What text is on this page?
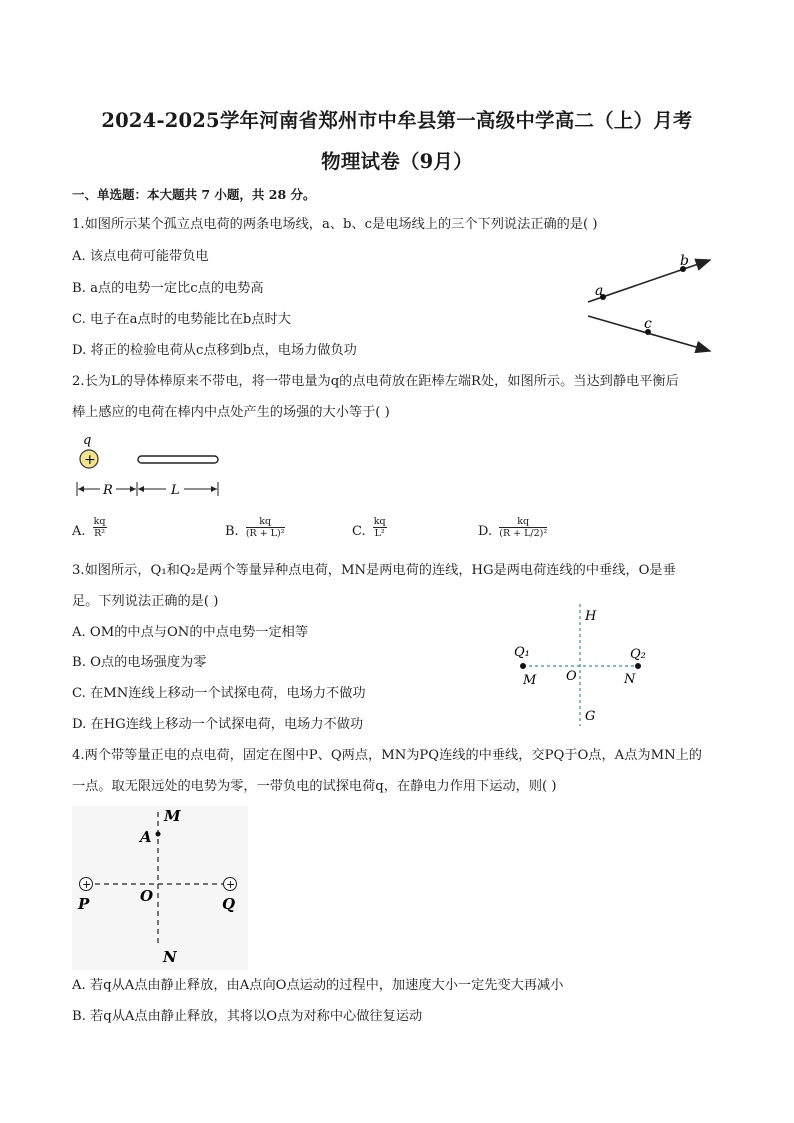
2024-2025学年河南省郑州市中牟县第一高级中学高二（上）月考
物理试卷（9月）
一、单选题：本大题共 7 小题，共 28 分。
1.如图所示某个孤立点电荷的两条电场线，a、b、c是电场线上的三个下列说法正确的是( )
A. 该点电荷可能带负电
B. a点的电势一定比c点的电势高
C. 电子在a点时的电势能比在b点时大
D. 将正的检验电荷从c点移到b点，电场力做负功
a
b
c
2.长为L的导体棒原来不带电，将一带电量为q的点电荷放在距棒左端R处，如图所示。当达到静电平衡后
棒上感应的电荷在棒内中点处产生的场强的大小等于( )
q
+
R	L
A. $\frac{kq}{\text{R²}}$	B. $\frac{kq}{\text{(R + L)²}}$	C. $\frac{kq}{\text{L²}}$	D. $\frac{kq}{\text{(R + L/2)²}}$
3.如图所示，Q₁和Q₂是两个等量异种点电荷，MN是两电荷的连线，HG是两电荷连线的中垂线，O是垂
足。下列说法正确的是( )
A. OM的中点与ON的中点电势一定相等
B. O点的电场强度为零
C. 在MN连线上移动一个试探电荷，电场力不做功
D. 在HG连线上移动一个试探电荷，电场力不做功
H
G
Q₁	Q₂
M	N
O
4.两个带等量正电的点电荷，固定在图中P、Q两点，MN为PQ连线的中垂线，交PQ于O点，A点为MN上的
一点。取无限远处的电势为零，一带负电的试探电荷q，在静电力作用下运动，则( )
+	+
M
A
P	O	Q
N
A. 若q从A点由静止释放，由A点向O点运动的过程中，加速度大小一定先变大再减小
B. 若q从A点由静止释放，其将以O点为对称中心做往复运动
